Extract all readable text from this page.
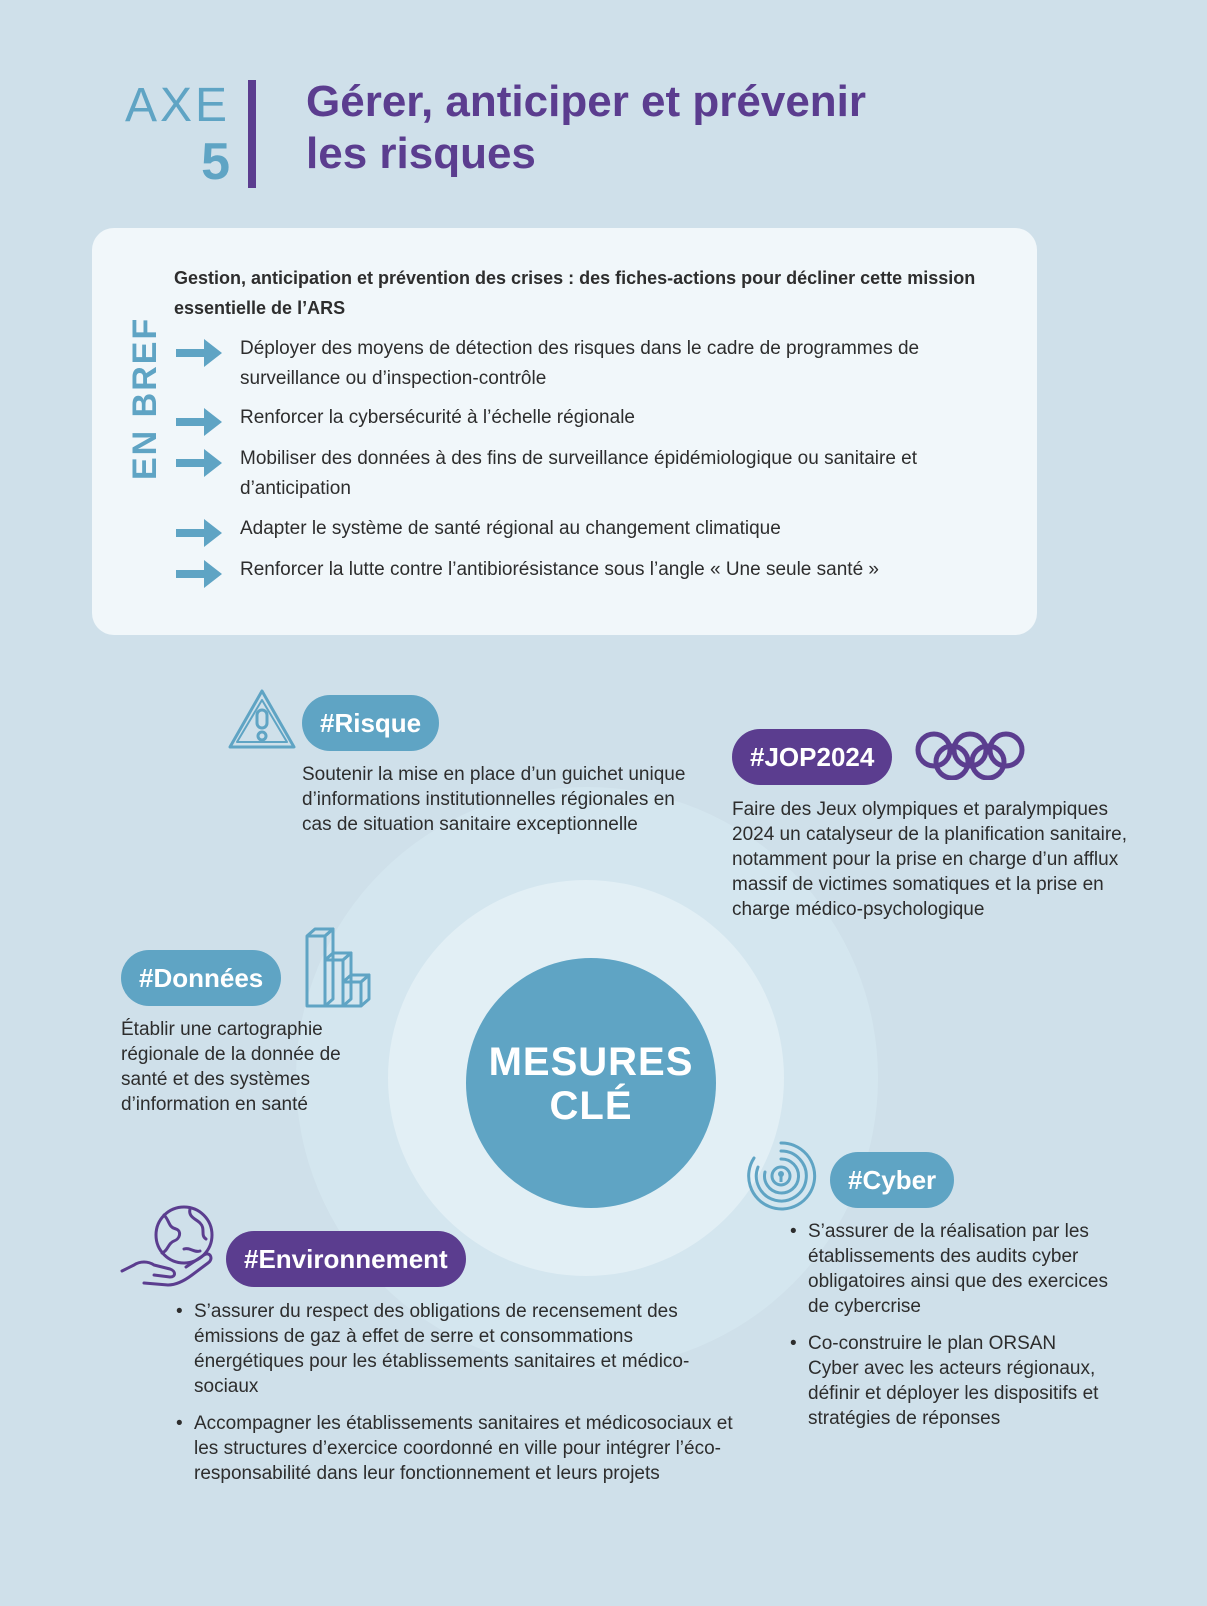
AXE
5
Gérer, anticiper et prévenir
les risques
EN BREF
Gestion, anticipation et prévention des crises : des fiches-actions pour décliner cette mission essentielle de l’ARS
Déployer des moyens de détection des risques dans le cadre de programmes de surveillance ou d’inspection-contrôle
Renforcer la cybersécurité à l’échelle régionale
Mobiliser des données à des fins de surveillance épidémiologique ou sanitaire et d’anticipation
Adapter le système de santé régional au changement climatique
Renforcer la lutte contre l’antibiorésistance sous l’angle « Une seule santé »
MESURES
CLÉ
#Risque
Soutenir la mise en place d’un guichet unique d’informations institutionnelles régionales en cas de situation sanitaire exceptionnelle
#JOP2024
Faire des Jeux olympiques et paralympiques 2024 un catalyseur de la planification sanitaire, notamment pour la prise en charge d’un afflux massif de victimes somatiques et la prise en charge médico-psychologique
#Données
Établir une cartographie régionale de la donnée de santé et des systèmes d’information en santé
#Cyber
• S’assurer de la réalisation par les établissements des audits cyber obligatoires ainsi que des exercices de cybercrise
• Co-construire le plan ORSAN Cyber avec les acteurs régionaux, définir et déployer les dispositifs et stratégies de réponses
#Environnement
• S’assurer du respect des obligations de recensement des émissions de gaz à effet de serre et consommations énergétiques pour les établissements sanitaires et médico-sociaux
• Accompagner les établissements sanitaires et médicosociaux et les structures d’exercice coordonné en ville pour intégrer l’éco-responsabilité dans leur fonctionnement et leurs projets
